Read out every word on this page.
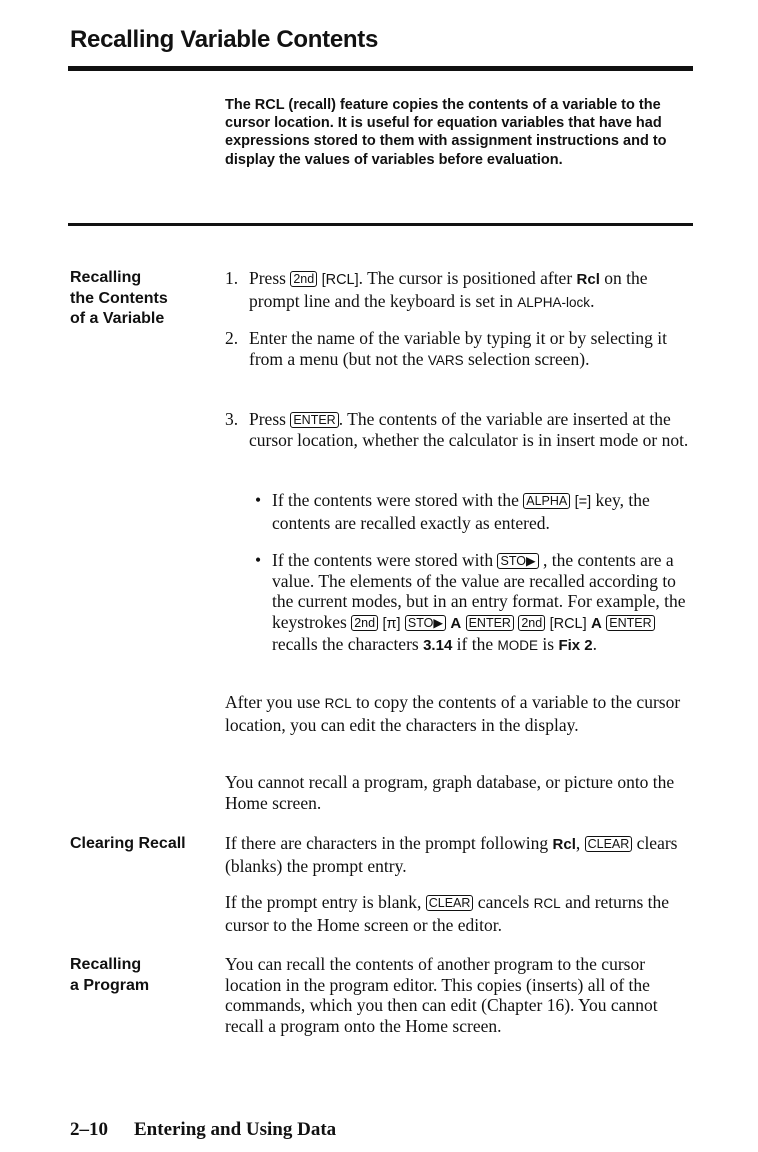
Recalling Variable Contents
The RCL (recall) feature copies the contents of a variable to the cursor location. It is useful for equation variables that have had expressions stored to them with assignment instructions and to display the values of variables before evaluation.
Recalling
the Contents
of a Variable
1. Press 2nd [RCL]. The cursor is positioned after Rcl on the prompt line and the keyboard is set in ALPHA-lock.
2. Enter the name of the variable by typing it or by selecting it from a menu (but not the VARS selection screen).
3. Press ENTER . The contents of the variable are inserted at the cursor location, whether the calculator is in insert mode or not.
• If the contents were stored with the ALPHA [=] key, the contents are recalled exactly as entered.
• If the contents were stored with STO▶ , the contents are a value. The elements of the value are recalled according to the current modes, but in an entry format. For example, the keystrokes 2nd [π] STO▶ A ENTER 2nd [RCL] A ENTERrecalls the characters 3.14 if the MODE is Fix 2.
After you use RCL to copy the contents of a variable to the cursor location, you can edit the characters in the display.
You cannot recall a program, graph database, or picture onto the Home screen.
Clearing Recall If there are characters in the prompt following Rcl, CLEAR clears (blanks) the prompt entry.
If the prompt entry is blank, CLEAR cancels RCL and returns the cursor to the Home screen or the editor.
Recalling
a Program
You can recall the contents of another program to the cursor location in the program editor. This copies (inserts) all of the commands, which you then can edit (Chapter 16). You cannot recall a program onto the Home screen.
2–10 Entering and Using Data
